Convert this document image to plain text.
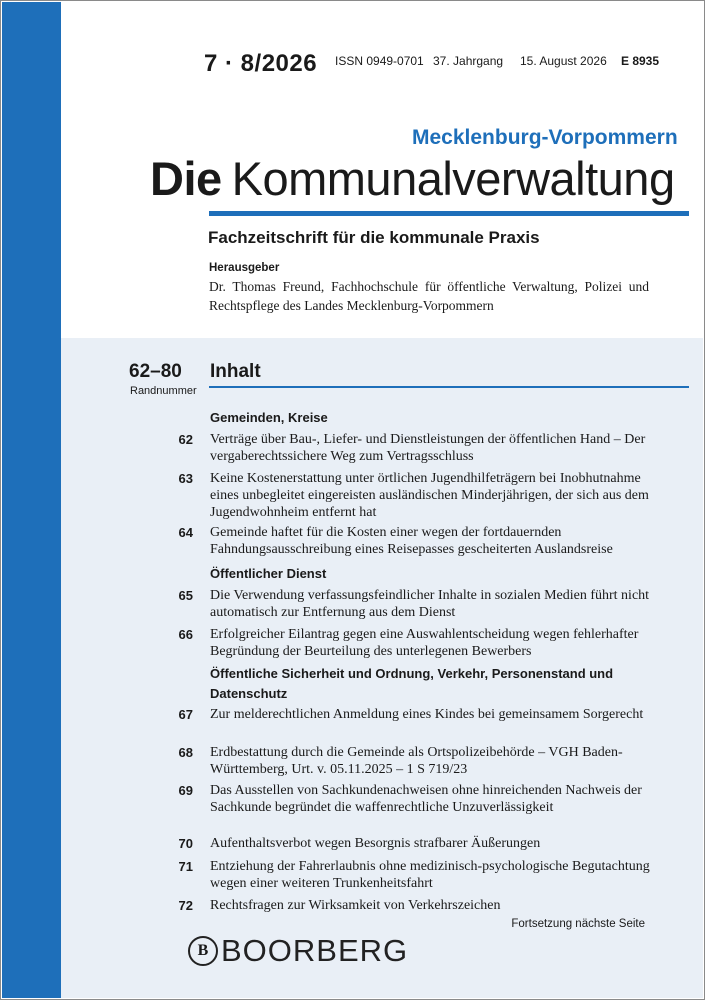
7 · 8/2026 ISSN 0949-0701 37. Jahrgang 15. August 2026 E 8935
Mecklenburg-Vorpommern
Die Kommunalverwaltung
Fachzeitschrift für die kommunale Praxis
Herausgeber
Dr. Thomas Freund, Fachhochschule für öffentliche Verwaltung, Polizei und Rechtspflege des Landes Mecklenburg-Vorpommern
62–80
Randnummer
Inhalt
Gemeinden, Kreise
62 Verträge über Bau-, Liefer- und Dienstleistungen der öffentlichen Hand – Der vergaberechtssichere Weg zum Vertragsschluss
63 Keine Kostenerstattung unter örtlichen Jugendhilfeträgern bei Inobhutnahme eines unbegleitet eingereisten ausländischen Minderjährigen, der sich aus dem Jugendwohnheim entfernt hat
64 Gemeinde haftet für die Kosten einer wegen der fortdauernden Fahndungsausschreibung eines Reisepasses gescheiterten Auslandsreise
Öffentlicher Dienst
65 Die Verwendung verfassungsfeindlicher Inhalte in sozialen Medien führt nicht automatisch zur Entfernung aus dem Dienst
66 Erfolgreicher Eilantrag gegen eine Auswahlentscheidung wegen fehlerhafter Begründung der Beurteilung des unterlegenen Bewerbers
Öffentliche Sicherheit und Ordnung, Verkehr, Personenstand und Datenschutz
67 Zur melderechtlichen Anmeldung eines Kindes bei gemeinsamem Sorgerecht
68 Erdbestattung durch die Gemeinde als Ortspolizeibehörde – VGH Baden-Württemberg, Urt. v. 05.11.2025 – 1 S 719/23
69 Das Ausstellen von Sachkundenachweisen ohne hinreichenden Nachweis der Sachkunde begründet die waffenrechtliche Unzuverlässigkeit
70 Aufenthaltsverbot wegen Besorgnis strafbarer Äußerungen
71 Entziehung der Fahrerlaubnis ohne medizinisch-psychologische Begutachtung wegen einer weiteren Trunkenheitsfahrt
72 Rechtsfragen zur Wirksamkeit von Verkehrszeichen
Fortsetzung nächste Seite
B BOORBERG
